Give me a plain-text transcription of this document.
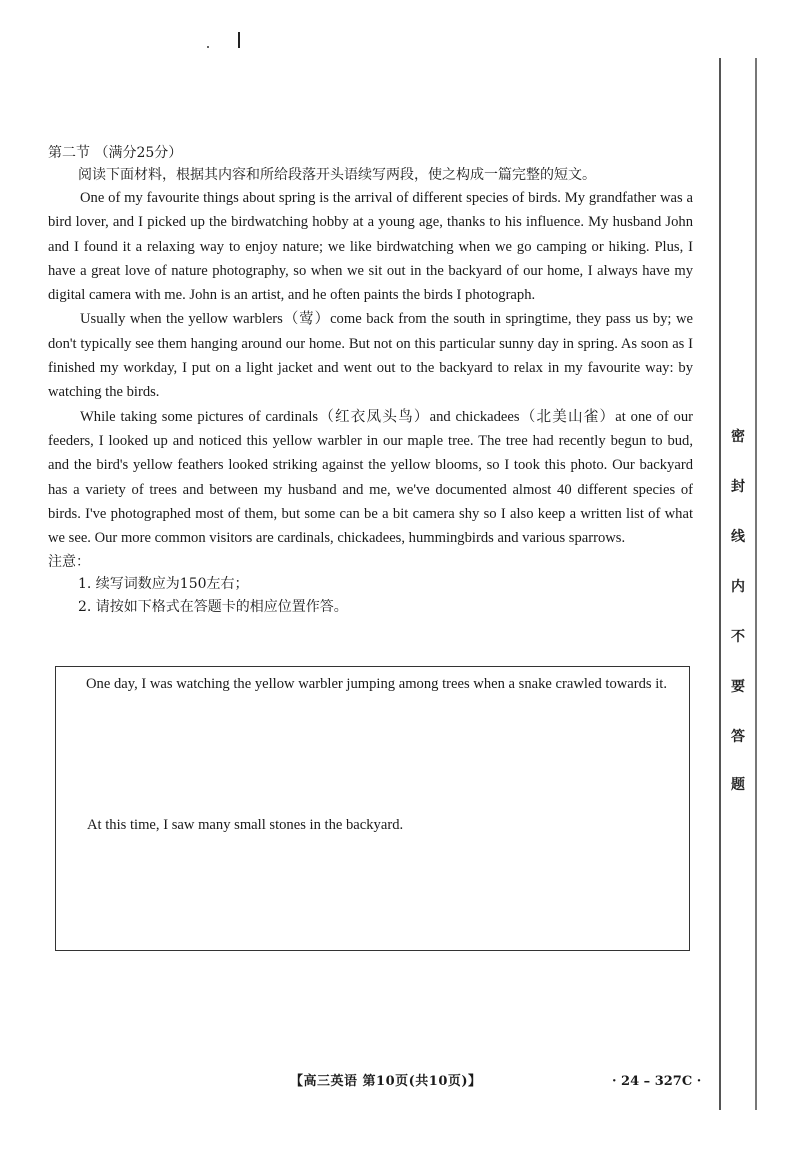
第二节 （满分25分）
阅读下面材料，根据其内容和所给段落开头语续写两段，使之构成一篇完整的短文。

One of my favourite things about spring is the arrival of different species of birds. My grandfather was a bird lover, and I picked up the birdwatching hobby at a young age, thanks to his influence. My husband John and I found it a relaxing way to enjoy nature; we like birdwatching when we go camping or hiking. Plus, I have a great love of nature photography, so when we sit out in the backyard of our home, I always have my digital camera with me. John is an artist, and he often paints the birds I photograph.

Usually when the yellow warblers（莺）come back from the south in springtime, they pass us by; we don't typically see them hanging around our home. But not on this particular sunny day in spring. As soon as I finished my workday, I put on a light jacket and went out to the backyard to relax in my favourite way: by watching the birds.

While taking some pictures of cardinals（红衣凤头鸟）and chickadees（北美山雀）at one of our feeders, I looked up and noticed this yellow warbler in our maple tree. The tree had recently begun to bud, and the bird's yellow feathers looked striking against the yellow blooms, so I took this photo. Our backyard has a variety of trees and between my husband and me, we've documented almost 40 different species of birds. I've photographed most of them, but some can be a bit camera shy so I also keep a written list of what we see. Our more common visitors are cardinals, chickadees, hummingbirds and various sparrows.

注意：
1. 续写词数应为150左右；
2. 请按如下格式在答题卡的相应位置作答。
One day, I was watching the yellow warbler jumping among trees when a snake crawled towards it.
At this time, I saw many small stones in the backyard.
【高三英语 第10页(共10页)】	· 24 – 327C ·
密
封
线
内
不
要
答
题
